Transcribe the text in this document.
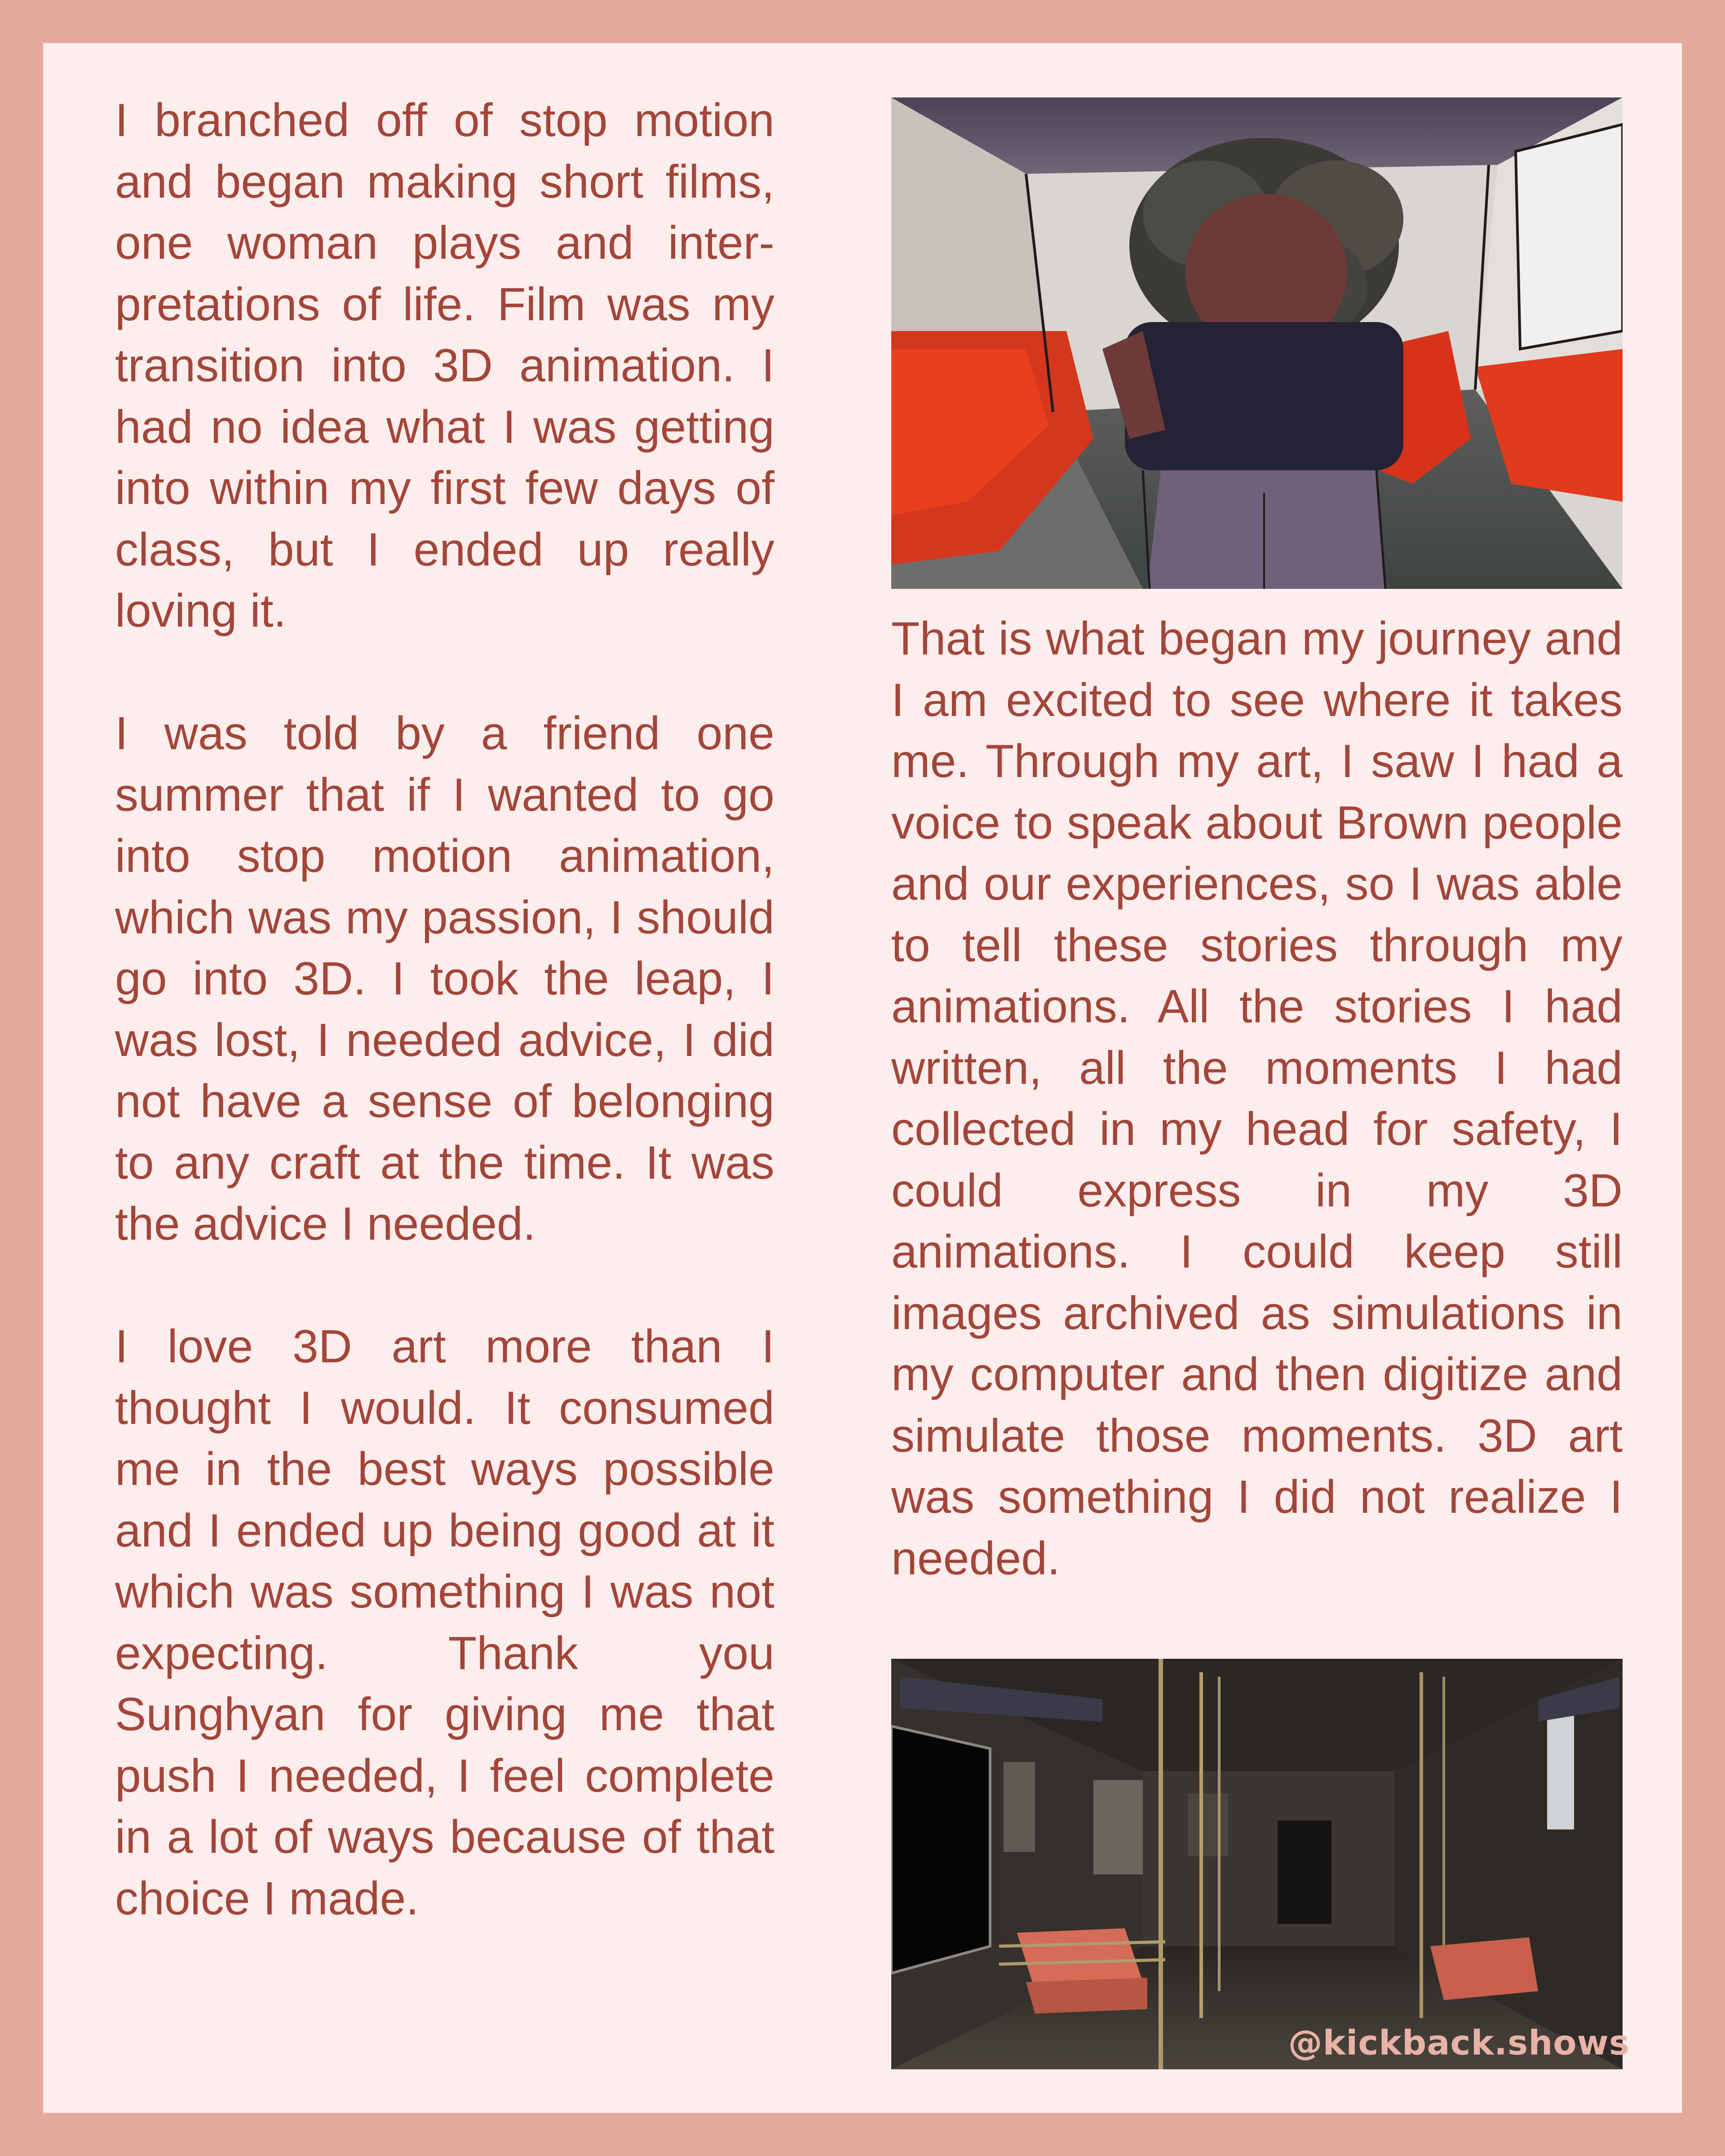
I branched off of stop motion and began making short films, one woman plays and interpretations of life. Film was my transition into 3D animation. I had no idea what I was getting into within my first few days of class, but I ended up really loving it.

I was told by a friend one summer that if I wanted to go into stop motion animation, which was my passion, I should go into 3D. I took the leap, I was lost, I needed advice, I did not have a sense of belonging to any craft at the time. It was the advice I needed.

I love 3D art more than I thought I would. It consumed me in the best ways possible and I ended up being good at it which was something I was not expecting. Thank you Sunghyan for giving me that push I needed, I feel complete in a lot of ways because of that choice I made.

That is what began my journey and I am excited to see where it takes me. Through my art, I saw I had a voice to speak about Brown people and our experiences, so I was able to tell these stories through my animations. All the stories I had written, all the moments I had collected in my head for safety, I could express in my 3D animations. I could keep still images archived as simulations in my computer and then digitize and simulate those moments. 3D art was something I did not realize I needed.

@kickback.shows
